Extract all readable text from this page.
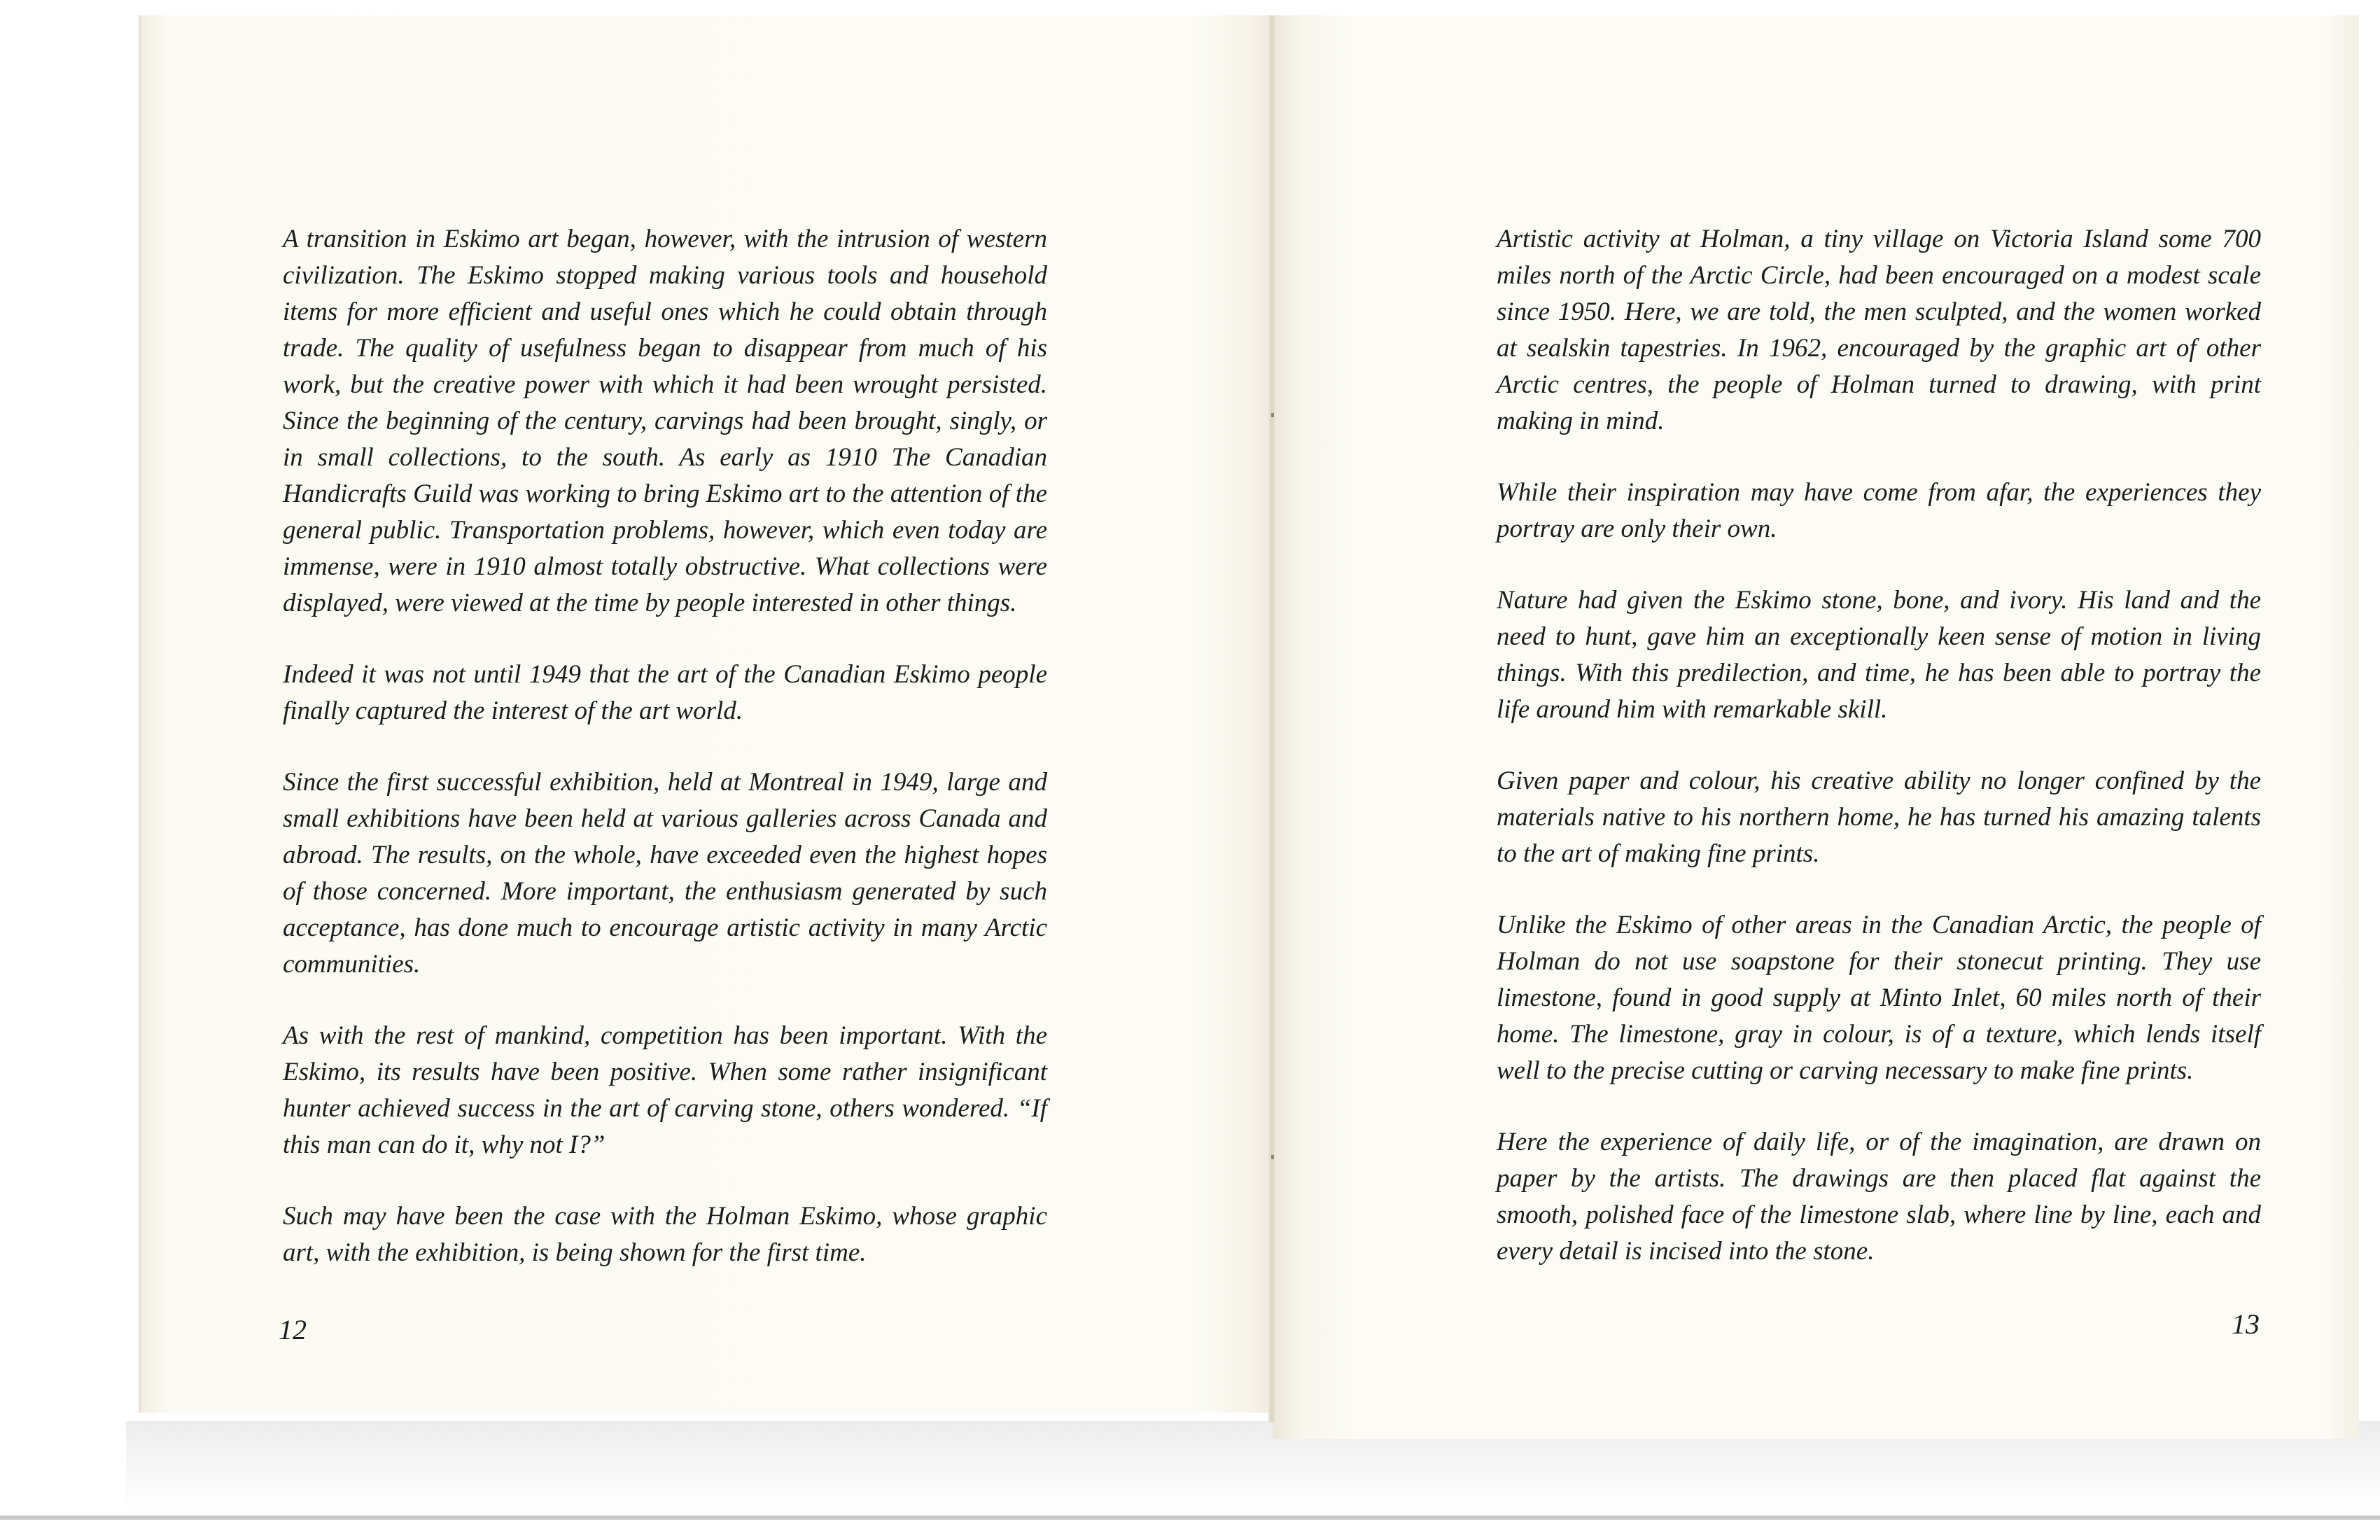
A transition in Eskimo art began, however, with the intrusion of western civilization. The Eskimo stopped making various tools and household items for more efficient and useful ones which he could obtain through trade. The quality of usefulness began to disappear from much of his work, but the creative power with which it had been wrought persisted. Since the beginning of the century, carvings had been brought, singly, or in small collections, to the south. As early as 1910 The Canadian Handicrafts Guild was working to bring Eskimo art to the attention of the general public. Transportation problems, however, which even today are immense, were in 1910 almost totally obstructive. What collections were displayed, were viewed at the time by people interested in other things.

Indeed it was not until 1949 that the art of the Canadian Eskimo people finally captured the interest of the art world.

Since the first successful exhibition, held at Montreal in 1949, large and small exhibitions have been held at various galleries across Canada and abroad. The results, on the whole, have exceeded even the highest hopes of those concerned. More important, the enthusiasm generated by such acceptance, has done much to encourage artistic activity in many Arctic communities.

As with the rest of mankind, competition has been important. With the Eskimo, its results have been positive. When some rather insignificant hunter achieved success in the art of carving stone, others wondered. “If this man can do it, why not I?”

Such may have been the case with the Holman Eskimo, whose graphic art, with the exhibition, is being shown for the first time.

Artistic activity at Holman, a tiny village on Victoria Island some 700 miles north of the Arctic Circle, had been encouraged on a modest scale since 1950. Here, we are told, the men sculpted, and the women worked at sealskin tapestries. In 1962, encouraged by the graphic art of other Arctic centres, the people of Holman turned to drawing, with print making in mind.

While their inspiration may have come from afar, the experiences they portray are only their own.

Nature had given the Eskimo stone, bone, and ivory. His land and the need to hunt, gave him an exceptionally keen sense of motion in living things. With this predilection, and time, he has been able to portray the life around him with remarkable skill.

Given paper and colour, his creative ability no longer confined by the materials native to his northern home, he has turned his amazing talents to the art of making fine prints.

Unlike the Eskimo of other areas in the Canadian Arctic, the people of Holman do not use soapstone for their stonecut printing. They use limestone, found in good supply at Minto Inlet, 60 miles north of their home. The limestone, gray in colour, is of a texture, which lends itself well to the precise cutting or carving necessary to make fine prints.

Here the experience of daily life, or of the imagination, are drawn on paper by the artists. The drawings are then placed flat against the smooth, polished face of the limestone slab, where line by line, each and every detail is incised into the stone.

12	13
